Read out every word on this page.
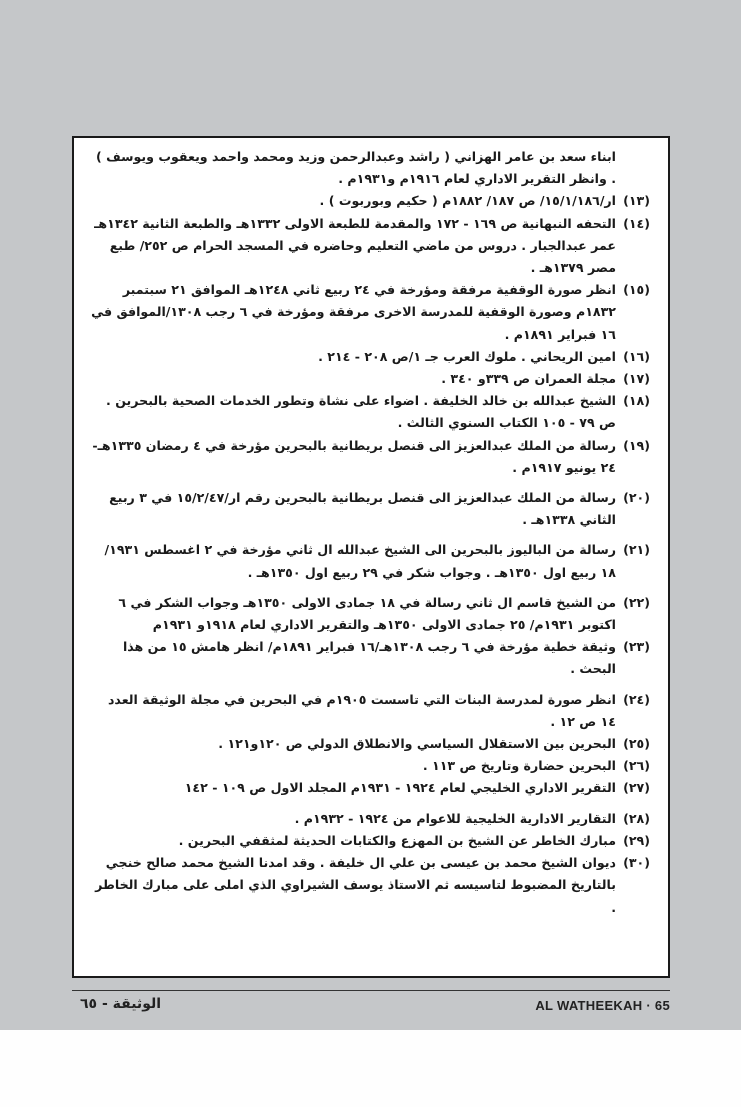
ابناء سعد بن عامر الهزاني ( راشد وعبدالرحمن وزيد ومحمد واحمد ويعقوب ويوسف ) . وانظر التقرير الاداري لعام ١٩١٦م و١٩٣١م .
(١٣)
ار/١٥/١/١٨٦/ ص ١٨٧/ ١٨٨٢م ( حكيم وبوربوت ) .
(١٤)
التحفه النبهانية ص ١٦٩ - ١٧٢ والمقدمة للطبعة الاولى ١٣٣٢هـ والطبعة الثانية ١٣٤٢هـ عمر عبدالجبار . دروس من ماضي التعليم وحاضره في المسجد الحرام ص ٢٥٢/ طبع مصر ١٣٧٩هـ .
(١٥)
انظر صورة الوقفية مرفقة ومؤرخة في ٢٤ ربيع ثاني ١٢٤٨هـ الموافق ٢١ سبتمبر ١٨٣٢م وصورة الوقفية للمدرسة الاخرى مرفقة ومؤرخة في ٦ رجب ١٣٠٨/الموافق في ١٦ فبراير ١٨٩١م .
(١٦)
امين الريحاني . ملوك العرب جـ ١/ص ٢٠٨ - ٢١٤ .
(١٧)
مجلة العمران ص ٣٣٩و ٣٤٠ .
(١٨)
الشيخ عبدالله بن خالد الخليفة . اضواء على نشاة وتطور الخدمات الصحية بالبحرين . ص ٧٩ - ١٠٥ الكتاب السنوي الثالث .
(١٩)
رسالة من الملك عبدالعزيز الى قنصل بريطانية بالبحرين مؤرخة في ٤ رمضان ١٣٣٥هـ- ٢٤ يونيو ١٩١٧م .
(٢٠)
رسالة من الملك عبدالعزيز الى قنصل بريطانية بالبحرين رقم ار/١٥/٢/٤٧ في ٣ ربيع الثاني ١٣٣٨هـ .
(٢١)
رسالة من الباليوز بالبحرين الى الشيخ عبدالله ال ثاني مؤرخة في ٢ اغسطس ١٩٣١/ ١٨ ربيع اول ١٣٥٠هـ . وجواب شكر في ٢٩ ربيع اول ١٣٥٠هـ .
(٢٢)
من الشيخ قاسم ال ثاني رسالة في ١٨ جمادى الاولى ١٣٥٠هـ وجواب الشكر في ٦ اكتوبر ١٩٣١م/ ٢٥ جمادى الاولى ١٣٥٠هـ والتقرير الاداري لعام ١٩١٨و ١٩٣١م
(٢٣)
وثيقة خطية مؤرخة في ٦ رجب ١٣٠٨هـ/١٦ فبراير ١٨٩١م/ انظر هامش ١٥ من هذا البحث .
(٢٤)
انظر صورة لمدرسة البنات التي تاسست ١٩٠٥م في البحرين في مجلة الوثيقة العدد ١٤ ص ١٢ .
(٢٥)
البحرين بين الاستقلال السياسي والانطلاق الدولي ص ١٢٠و١٢١ .
(٢٦)
البحرين حضارة وتاريخ ص ١١٣ .
(٢٧)
التقرير الاداري الخليجي لعام ١٩٢٤ - ١٩٣١م المجلد الاول ص ١٠٩ - ١٤٢
(٢٨)
التقارير الادارية الخليجية للاعوام من ١٩٢٤ - ١٩٣٢م .
(٢٩)
مبارك الخاطر عن الشيخ بن المهزع والكتابات الحديثة لمثقفي البحرين .
(٣٠)
ديوان الشيخ محمد بن عيسى بن علي ال خليفة . وقد امدنا الشيخ محمد صالح خنجي بالتاريخ المضبوط لتاسيسه ثم الاستاذ يوسف الشيراوي الذي املى على مبارك الخاطر .
الوثيقة - ٦٥	AL WATHEEKAH · 65
